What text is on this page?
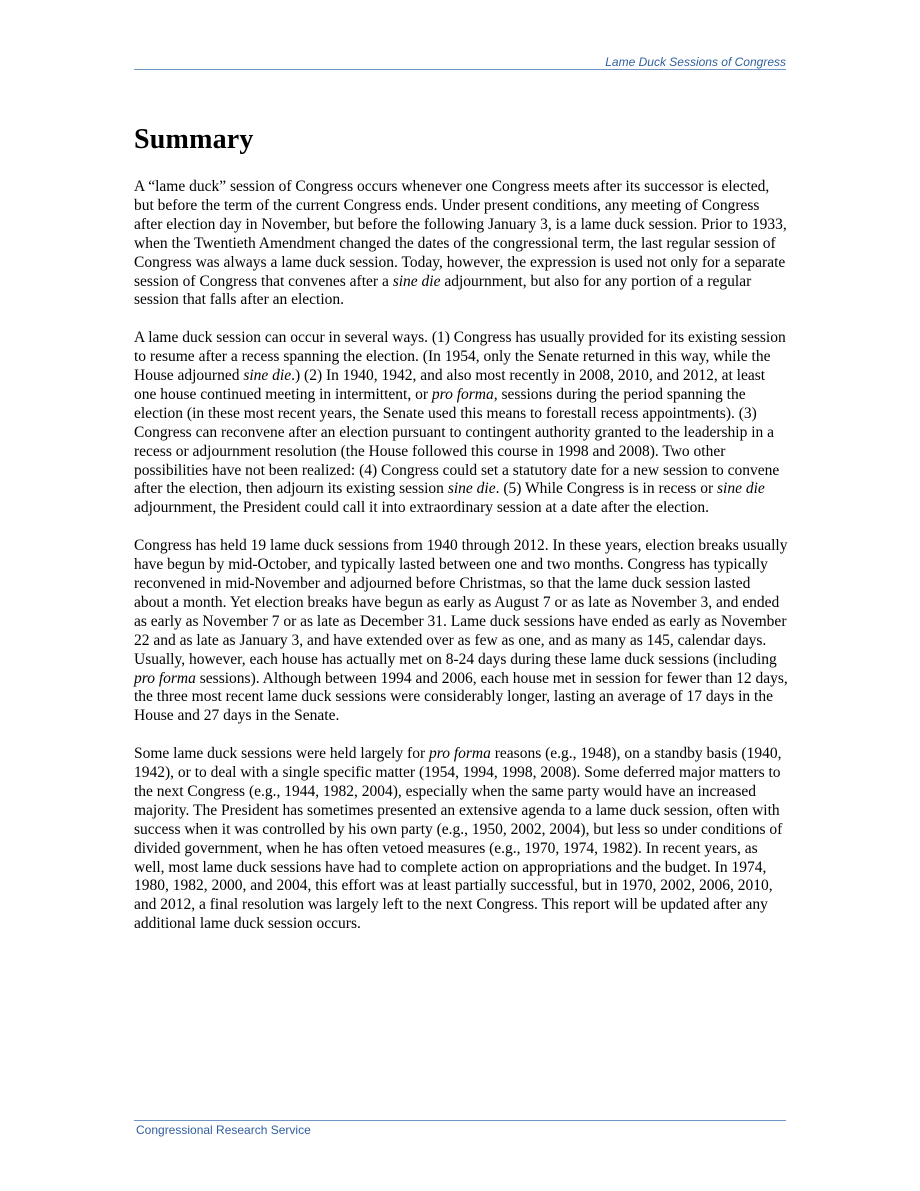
Lame Duck Sessions of Congress
Summary

A “lame duck” session of Congress occurs whenever one Congress meets after its successor is elected, but before the term of the current Congress ends. Under present conditions, any meeting of Congress after election day in November, but before the following January 3, is a lame duck session. Prior to 1933, when the Twentieth Amendment changed the dates of the congressional term, the last regular session of Congress was always a lame duck session. Today, however, the expression is used not only for a separate session of Congress that convenes after a sine die adjournment, but also for any portion of a regular session that falls after an election.

A lame duck session can occur in several ways. (1) Congress has usually provided for its existing session to resume after a recess spanning the election. (In 1954, only the Senate returned in this way, while the House adjourned sine die.) (2) In 1940, 1942, and also most recently in 2008, 2010, and 2012, at least one house continued meeting in intermittent, or pro forma, sessions during the period spanning the election (in these most recent years, the Senate used this means to forestall recess appointments). (3) Congress can reconvene after an election pursuant to contingent authority granted to the leadership in a recess or adjournment resolution (the House followed this course in 1998 and 2008). Two other possibilities have not been realized: (4) Congress could set a statutory date for a new session to convene after the election, then adjourn its existing session sine die. (5) While Congress is in recess or sine die adjournment, the President could call it into extraordinary session at a date after the election.

Congress has held 19 lame duck sessions from 1940 through 2012. In these years, election breaks usually have begun by mid-October, and typically lasted between one and two months. Congress has typically reconvened in mid-November and adjourned before Christmas, so that the lame duck session lasted about a month. Yet election breaks have begun as early as August 7 or as late as November 3, and ended as early as November 7 or as late as December 31. Lame duck sessions have ended as early as November 22 and as late as January 3, and have extended over as few as one, and as many as 145, calendar days. Usually, however, each house has actually met on 8-24 days during these lame duck sessions (including pro forma sessions). Although between 1994 and 2006, each house met in session for fewer than 12 days, the three most recent lame duck sessions were considerably longer, lasting an average of 17 days in the House and 27 days in the Senate.

Some lame duck sessions were held largely for pro forma reasons (e.g., 1948), on a standby basis (1940, 1942), or to deal with a single specific matter (1954, 1994, 1998, 2008). Some deferred major matters to the next Congress (e.g., 1944, 1982, 2004), especially when the same party would have an increased majority. The President has sometimes presented an extensive agenda to a lame duck session, often with success when it was controlled by his own party (e.g., 1950, 2002, 2004), but less so under conditions of divided government, when he has often vetoed measures (e.g., 1970, 1974, 1982). In recent years, as well, most lame duck sessions have had to complete action on appropriations and the budget. In 1974, 1980, 1982, 2000, and 2004, this effort was at least partially successful, but in 1970, 2002, 2006, 2010, and 2012, a final resolution was largely left to the next Congress. This report will be updated after any additional lame duck session occurs.

Congressional Research Service
